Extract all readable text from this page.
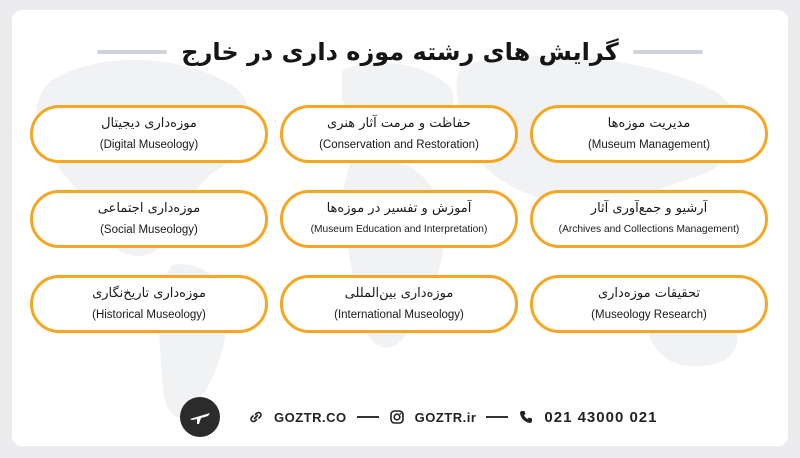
گرایش های رشته موزه داری در خارج
مدیریت موزه‌ها
(Museum Management)
حفاظت و مرمت آثار هنری
(Conservation and Restoration)
موزه‌داری دیجیتال
(Digital Museology)
آرشیو و جمع‌آوری آثار
(Archives and Collections Management)
آموزش و تفسیر در موزه‌ها
(Museum Education and Interpretation)
موزه‌داری اجتماعی
(Social Museology)
تحقیقات موزه‌داری
(Museology Research)
موزه‌داری بین‌المللی
(International Museology)
موزه‌داری تاریخ‌نگاری
(Historical Museology)
GOZTR.CO	GOZTR.ir	021 43000 021
